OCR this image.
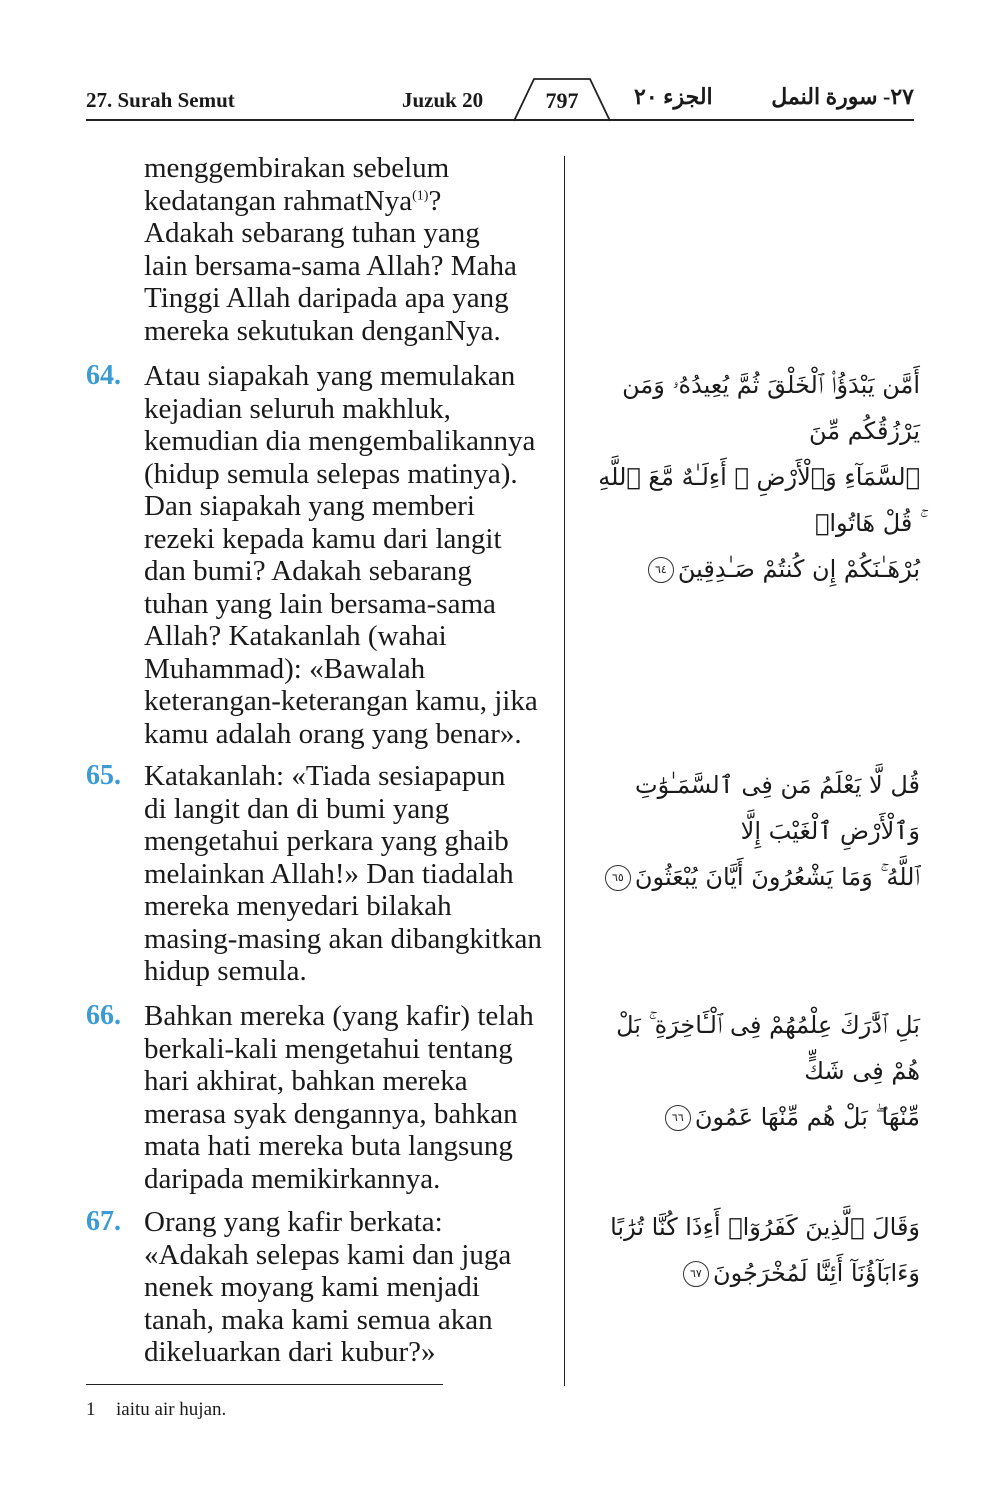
27. Surah Semut	Juzuk 20	797	الجزء ٢٠	٢٧- سورة النمل
menggembirakan sebelum
kedatangan rahmatNya$^{(1)}$?
Adakah sebarang tuhan yang
lain bersama-sama Allah? Maha
Tinggi Allah daripada apa yang
mereka sekutukan denganNya.
64. Atau siapakah yang memulakan
kejadian seluruh makhluk,
kemudian dia mengembalikannya
(hidup semula selepas matinya).
Dan siapakah yang memberi
rezeki kepada kamu dari langit
dan bumi? Adakah sebarang
tuhan yang lain bersama-sama
Allah? Katakanlah (wahai
Muhammad): «Bawalah
keterangan-keterangan kamu, jika
kamu adalah orang yang benar».

أَمَّن يَبْدَؤُا۟ ٱلْخَلْقَ ثُمَّ يُعِيدُهُۥ وَمَن يَرْزُقُكُم مِّنَ

ٱلسَّمَآءِ وَٱلْأَرْضِ ۗ أَءِلَـٰهٌ مَّعَ ٱللَّهِ ۚ قُلْ هَاتُوا۟

بُرْهَـٰنَكُمْ إِن كُنتُمْ صَـٰدِقِينَ٦٤

65. Katakanlah: «Tiada sesiapapun
di langit dan di bumi yang
mengetahui perkara yang ghaib
melainkan Allah!» Dan tiadalah
mereka menyedari bilakah
masing-masing akan dibangkitkan
hidup semula.

قُل لَّا يَعْلَمُ مَن فِى ٱلسَّمَـٰوَٰتِ وَٱلْأَرْضِ ٱلْغَيْبَ إِلَّا

ٱللَّهُ ۚ وَمَا يَشْعُرُونَ أَيَّانَ يُبْعَثُونَ٦٥

66. Bahkan mereka (yang kafir) telah
berkali-kali mengetahui tentang
hari akhirat, bahkan mereka
merasa syak dengannya, bahkan
mata hati mereka buta langsung
daripada memikirkannya.

بَلِ ٱدَّٰرَكَ عِلْمُهُمْ فِى ٱلْـَٔاخِرَةِ ۚ بَلْ هُمْ فِى شَكٍّ

مِّنْهَا ۖ بَلْ هُم مِّنْهَا عَمُونَ٦٦

67. Orang yang kafir berkata:
«Adakah selepas kami dan juga
nenek moyang kami menjadi
tanah, maka kami semua akan
dikeluarkan dari kubur?»

وَقَالَ ٱلَّذِينَ كَفَرُوٓا۟ أَءِذَا كُنَّا تُرَٰبًا

وَءَابَآؤُنَآ أَئِنَّا لَمُخْرَجُونَ٦٧

1 iaitu air hujan.
